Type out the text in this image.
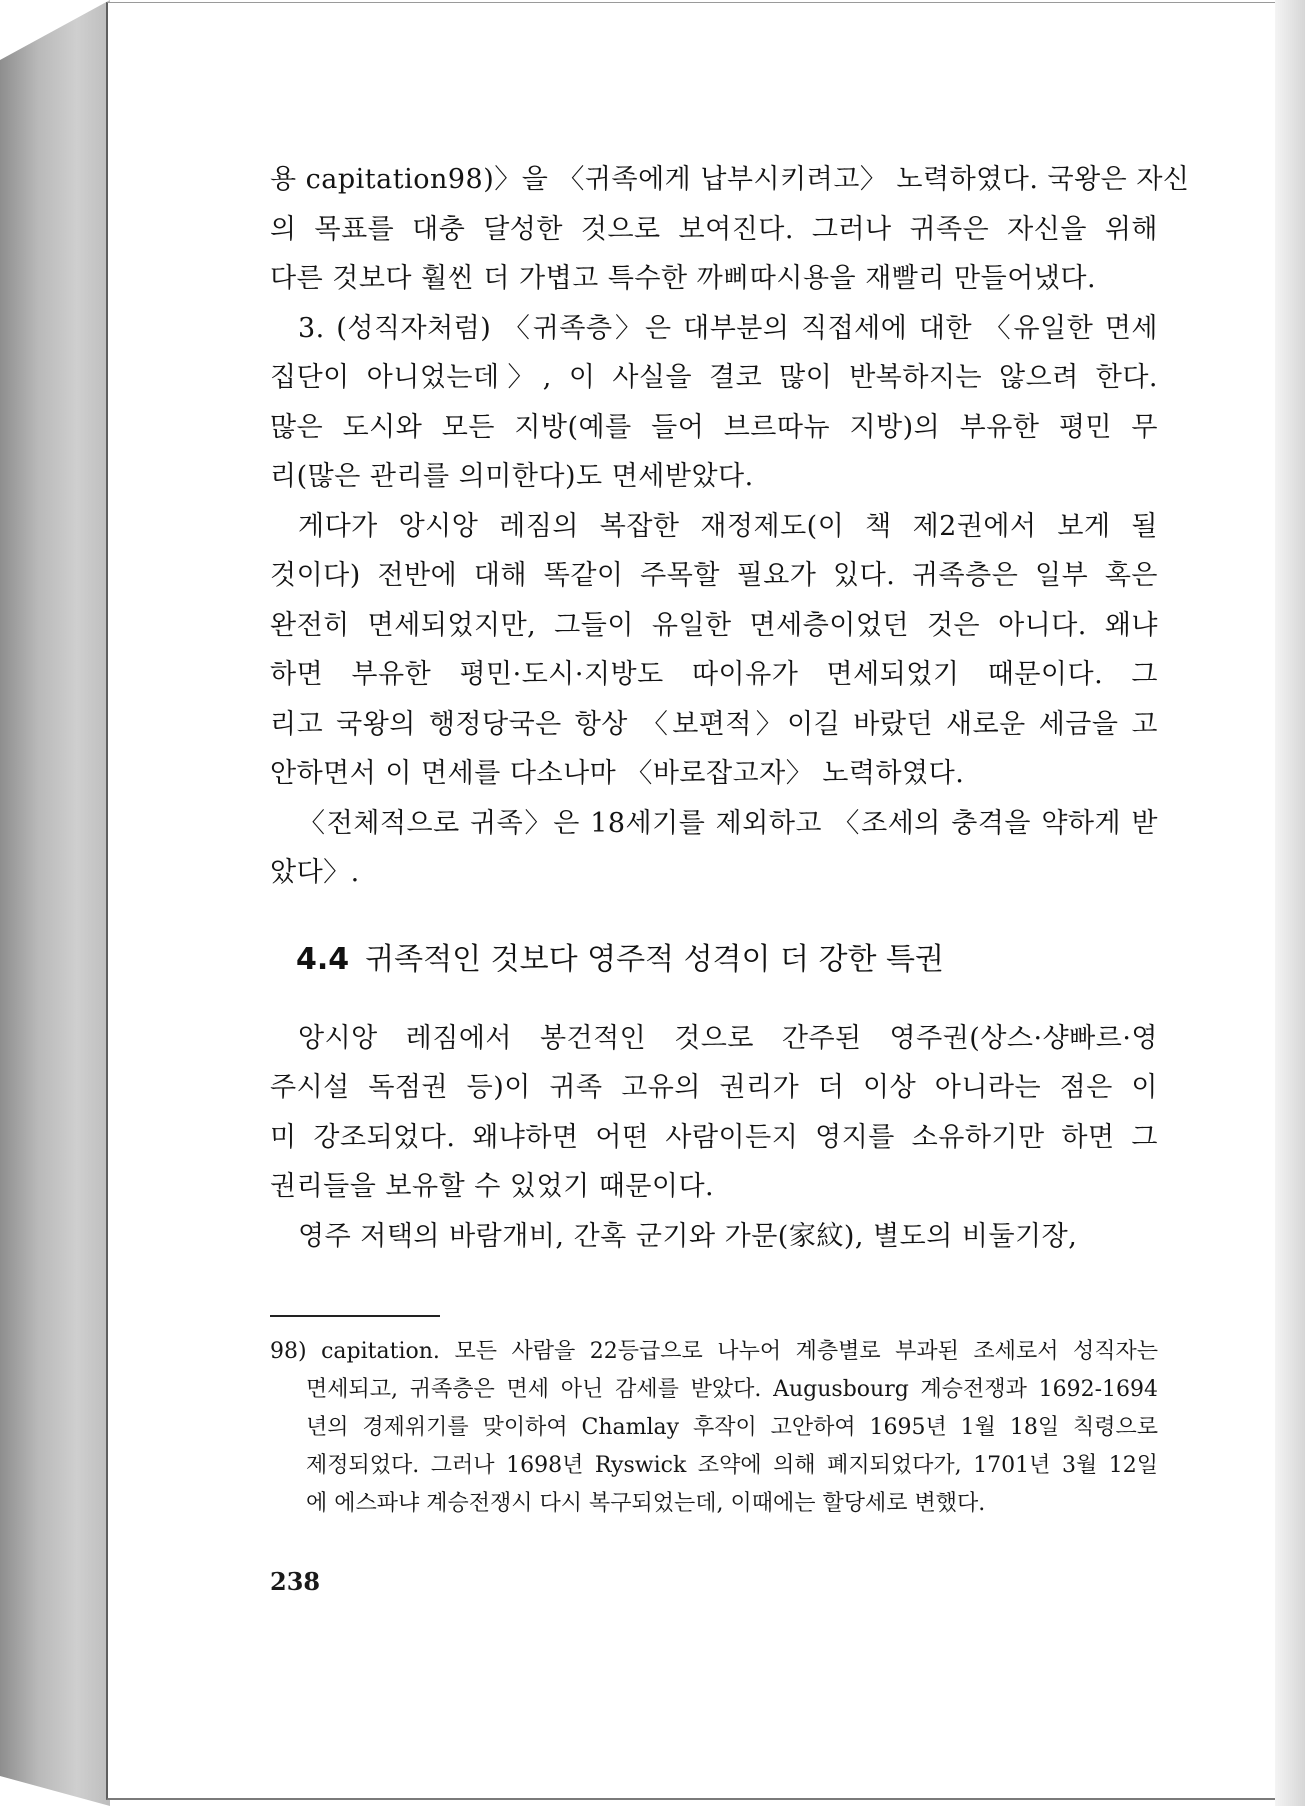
용 capitation98)〉을 〈귀족에게 납부시키려고〉 노력하였다. 국왕은 자신
의 목표를 대충 달성한 것으로 보여진다. 그러나 귀족은 자신을 위해
다른 것보다 훨씬 더 가볍고 특수한 까삐따시용을 재빨리 만들어냈다.

3. (성직자처럼) 〈귀족층〉은 대부분의 직접세에 대한 〈유일한 면세
집단이 아니었는데〉, 이 사실을 결코 많이 반복하지는 않으려 한다.
많은 도시와 모든 지방(예를 들어 브르따뉴 지방)의 부유한 평민 무
리(많은 관리를 의미한다)도 면세받았다.

게다가 앙시앙 레짐의 복잡한 재정제도(이 책 제2권에서 보게 될
것이다) 전반에 대해 똑같이 주목할 필요가 있다. 귀족층은 일부 혹은
완전히 면세되었지만, 그들이 유일한 면세층이었던 것은 아니다. 왜냐
하면 부유한 평민·도시·지방도 따이유가 면세되었기 때문이다. 그
리고 국왕의 행정당국은 항상 〈보편적〉이길 바랐던 새로운 세금을 고
안하면서 이 면세를 다소나마 〈바로잡고자〉 노력하였다.

〈전체적으로 귀족〉은 18세기를 제외하고 〈조세의 충격을 약하게 받
았다〉.

4.4 귀족적인 것보다 영주적 성격이 더 강한 특권

앙시앙 레짐에서 봉건적인 것으로 간주된 영주권(상스·샹빠르·영
주시설 독점권 등)이 귀족 고유의 권리가 더 이상 아니라는 점은 이
미 강조되었다. 왜냐하면 어떤 사람이든지 영지를 소유하기만 하면 그
권리들을 보유할 수 있었기 때문이다.

영주 저택의 바람개비, 간혹 군기와 가문(家紋), 별도의 비둘기장,

98) capitation. 모든 사람을 22등급으로 나누어 계층별로 부과된 조세로서 성직자는
면세되고, 귀족층은 면세 아닌 감세를 받았다. Augusbourg 계승전쟁과 1692-1694
년의 경제위기를 맞이하여 Chamlay 후작이 고안하여 1695년 1월 18일 칙령으로
제정되었다. 그러나 1698년 Ryswick 조약에 의해 폐지되었다가, 1701년 3월 12일
에 에스파냐 계승전쟁시 다시 복구되었는데, 이때에는 할당세로 변했다.
238
